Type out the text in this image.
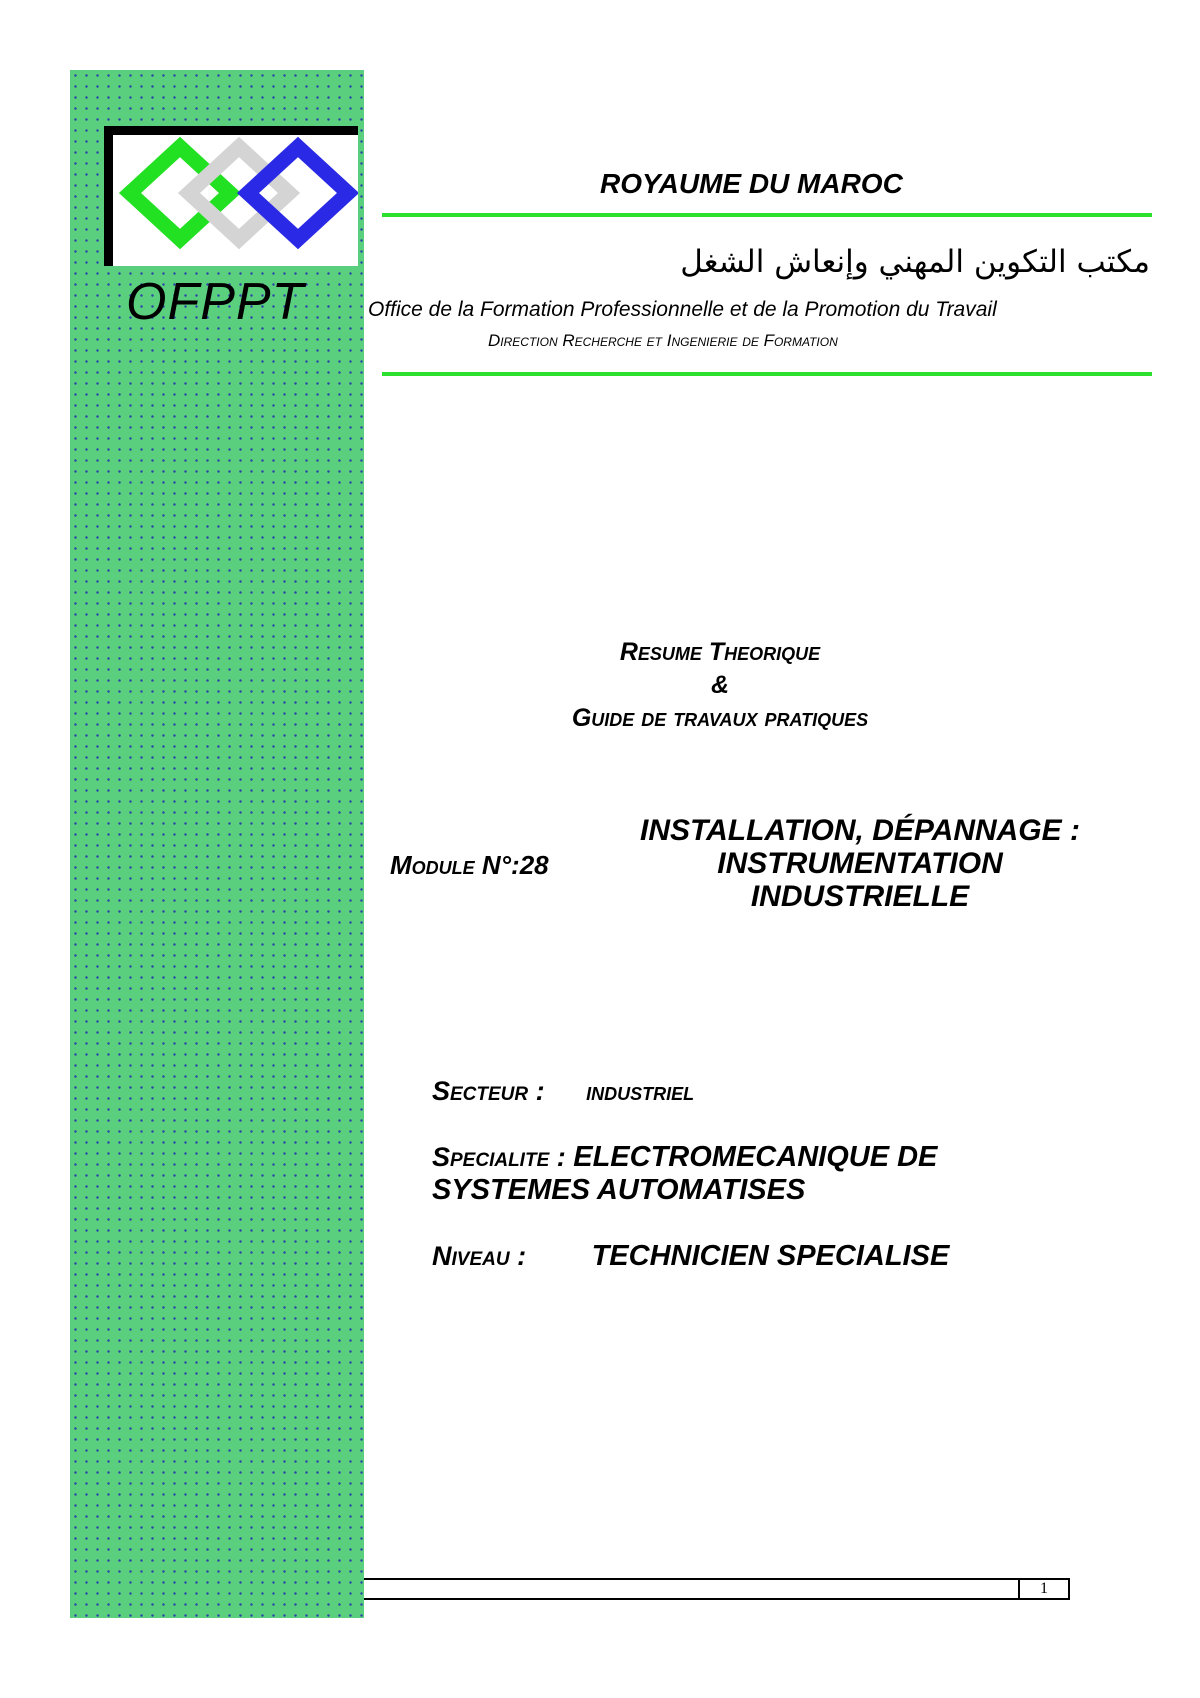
OFPPT
ROYAUME DU MAROC
مكتب التكوين المهني وإنعاش الشغل
Office de la Formation Professionnelle et de la Promotion du Travail
Direction Recherche et Ingenierie de Formation
Resume Theorique
&
Guide de travaux pratiques
Module N°:28
INSTALLATION, DÉPANNAGE :
INSTRUMENTATION
INDUSTRIELLE
Secteur : industriel
Specialite : ELECTROMECANIQUE DE
SYSTEMES AUTOMATISES
Niveau : TECHNICIEN SPECIALISE
1
